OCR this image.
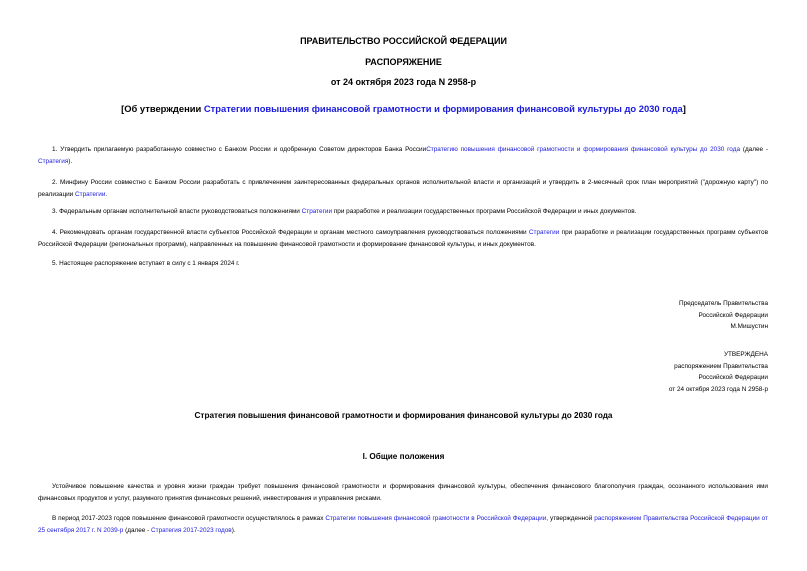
ПРАВИТЕЛЬСТВО РОССИЙСКОЙ ФЕДЕРАЦИИ
РАСПОРЯЖЕНИЕ
от 24 октября 2023 года N 2958-р
[Об утверждении Стратегии повышения финансовой грамотности и формирования финансовой культуры до 2030 года]
1. Утвердить прилагаемую разработанную совместно с Банком России и одобренную Советом директоров Банка РоссииСтратегию повышения финансовой грамотности и формирования финансовой культуры до 2030 года (далее - Стратегия).
2. Минфину России совместно с Банком России разработать с привлечением заинтересованных федеральных органов исполнительной власти и организаций и утвердить в 2-месячный срок план мероприятий ("дорожную карту") по реализации Стратегии.
3. Федеральным органам исполнительной власти руководствоваться положениями Стратегии при разработке и реализации государственных программ Российской Федерации и иных документов.
4. Рекомендовать органам государственной власти субъектов Российской Федерации и органам местного самоуправления руководствоваться положениями Стратегии при разработке и реализации государственных программ субъектов Российской Федерации (региональных программ), направленных на повышение финансовой грамотности и формирование финансовой культуры, и иных документов.
5. Настоящее распоряжение вступает в силу с 1 января 2024 г.
Председатель Правительства
Российской Федерации
М.Мишустин
УТВЕРЖДЕНА
распоряжением Правительства
Российской Федерации
от 24 октября 2023 года N 2958-р
Стратегия повышения финансовой грамотности и формирования финансовой культуры до 2030 года
I. Общие положения
Устойчивое повышение качества и уровня жизни граждан требует повышения финансовой грамотности и формирования финансовой культуры, обеспечения финансового благополучия граждан, осознанного использования ими финансовых продуктов и услуг, разумного принятия финансовых решений, инвестирования и управления рисками.
В период 2017-2023 годов повышение финансовой грамотности осуществлялось в рамках Стратегии повышения финансовой грамотности в Российской Федерации, утвержденной распоряжением Правительства Российской Федерации от 25 сентября 2017 г. N 2039-р (далее - Стратегия 2017-2023 годов).
